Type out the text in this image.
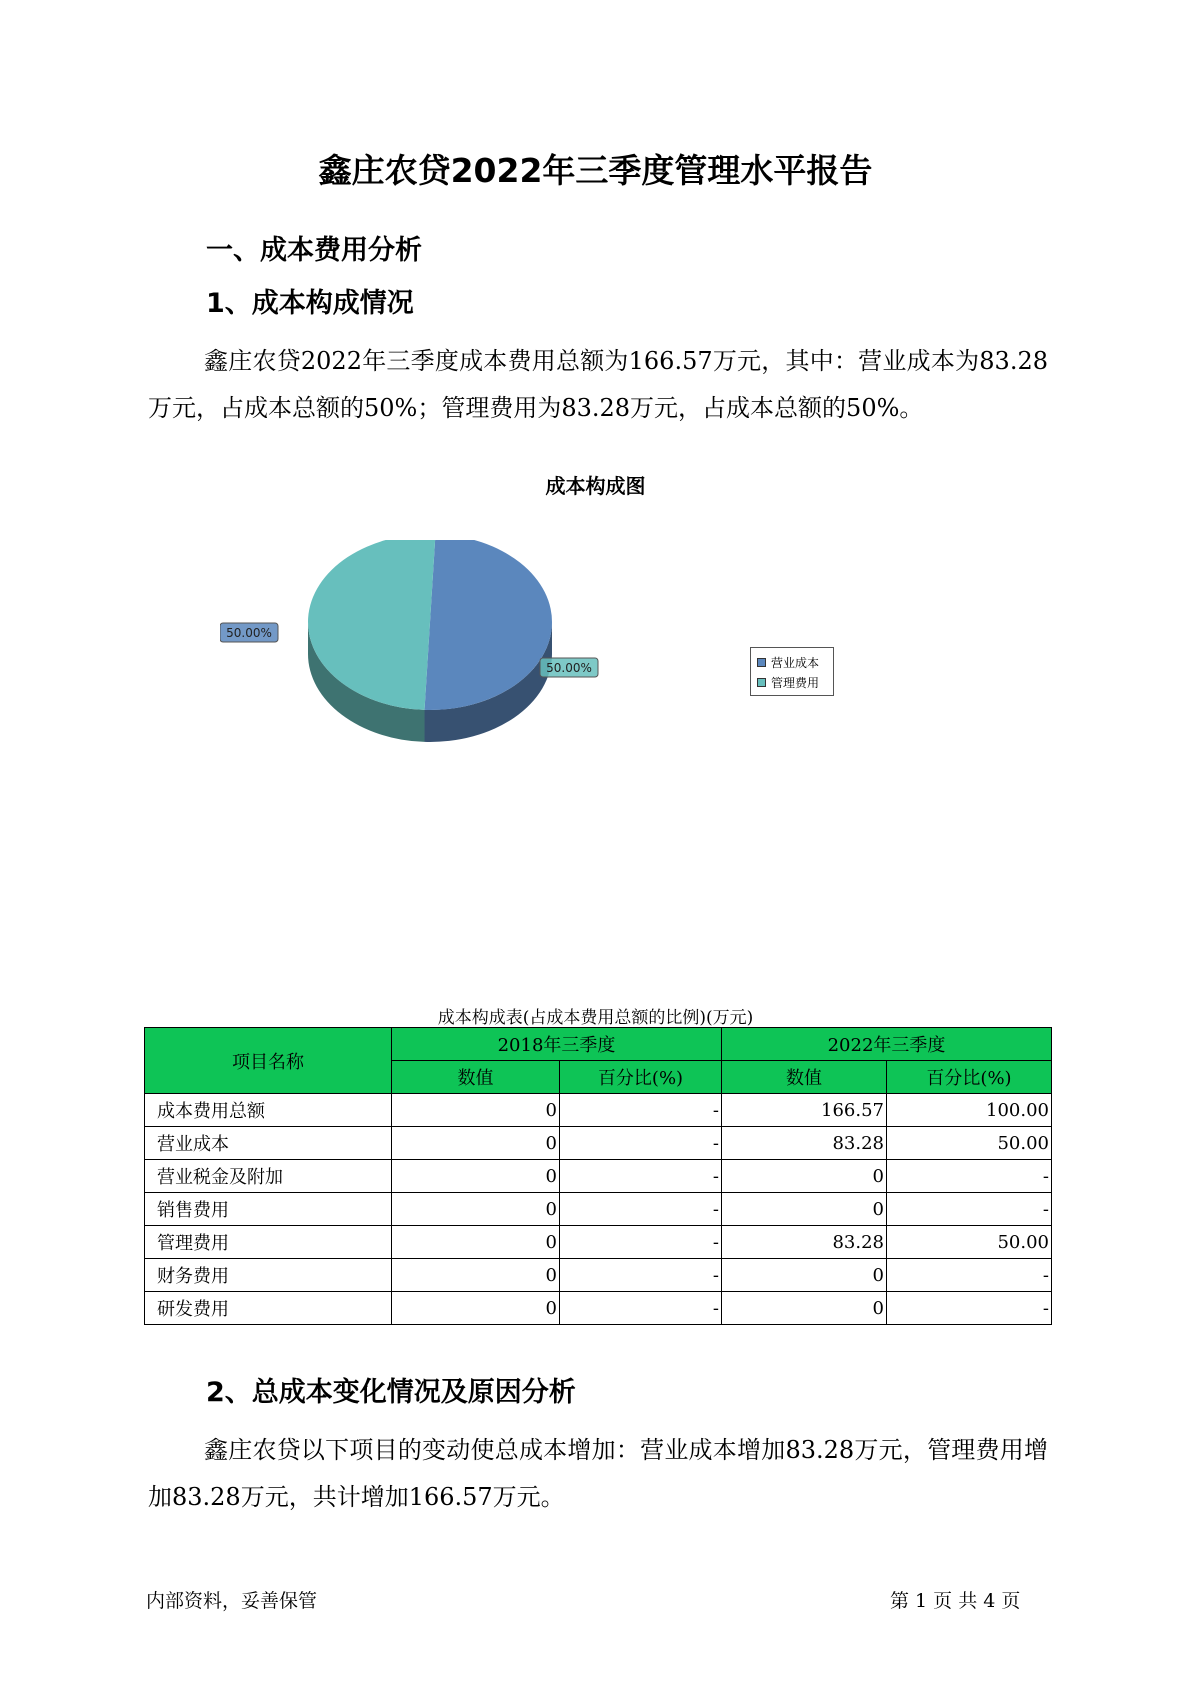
鑫庄农贷2022年三季度管理水平报告
一、成本费用分析
1、成本构成情况

鑫庄农贷2022年三季度成本费用总额为166.57万元，其中：营业成本为83.28万元，占成本总额的50%；管理费用为83.28万元，占成本总额的50%。

成本构成图
50.00%
50.00%	营业成本
管理费用
成本构成表(占成本费用总额的比例)(万元)
项目名称	2018年三季度		2022年三季度	
	数值	百分比(%)	数值	百分比(%)
成本费用总额	0	-	166.57	100.00
营业成本	0	-	83.28	50.00
营业税金及附加	0	-	0	-
销售费用	0	-	0	-
管理费用	0	-	83.28	50.00
财务费用	0	-	0	-
研发费用	0	-	0	-
2、总成本变化情况及原因分析

鑫庄农贷以下项目的变动使总成本增加：营业成本增加83.28万元，管理费用增加83.28万元，共计增加166.57万元。

内部资料，妥善保管	第 1 页 共 4 页
